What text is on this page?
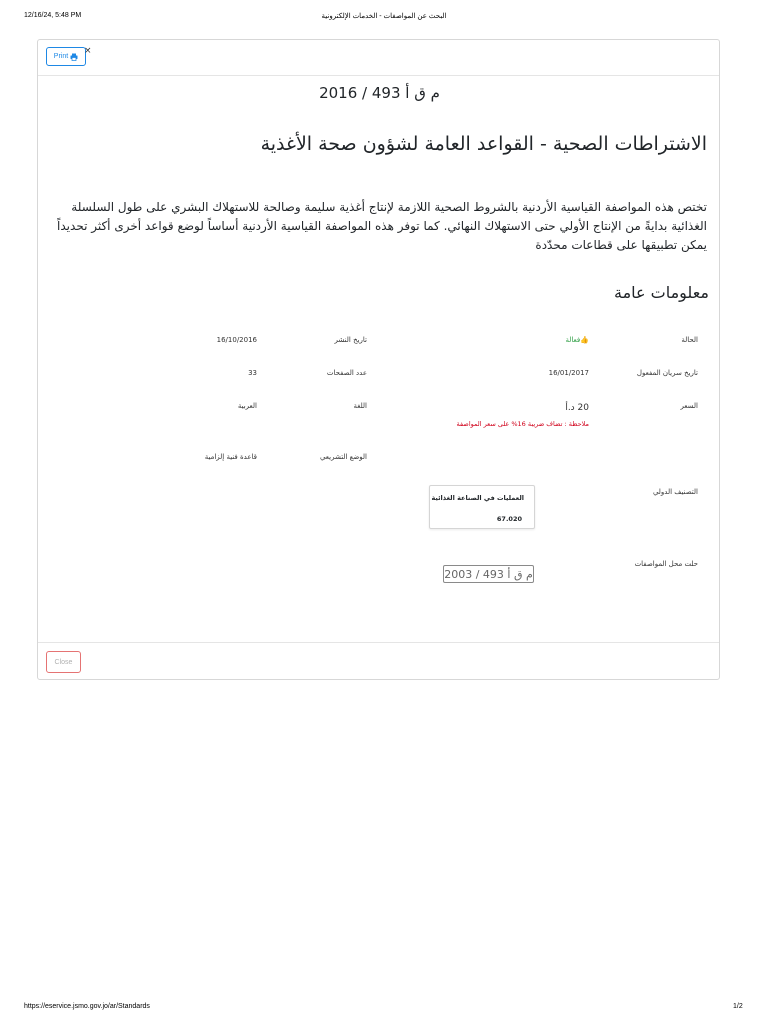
12/16/24, 5:48 PM	البحث عن المواصفات - الخدمات الإلكترونية
Print
×
م ق أ 493 / 2016
الاشتراطات الصحية - القواعد العامة لشؤون صحة الأغذية
تختص هذه المواصفة القياسية الأردنية بالشروط الصحية اللازمة لإنتاج أغذية سليمة وصالحة للاستهلاك البشري على طول السلسلة الغذائية بدايةً من الإنتاج الأولي حتى الاستهلاك النهائي. كما توفر هذه المواصفة القياسية الأردنية أساساً لوضع قواعد أخرى أكثر تحديداً يمكن تطبيقها على قطاعات محدّدة
معلومات عامة
الحالة
👍فعالة
تاريخ النشر
16/10/2016
تاريخ سريان المفعول
16/01/2017
عدد الصفحات
33
السعر
20 د.أ
ملاحظة : تضاف ضريبة 16% على سعر المواصفة
اللغة
العربية
الوضع التشريعي
قاعدة فنية إلزامية
التصنيف الدولي
العمليات في الصناعة الغذائية
67.020
حلت محل المواصفات
م ق أ 493 / 2003
Close
https://eservice.jsmo.gov.jo/ar/Standards	1/2
